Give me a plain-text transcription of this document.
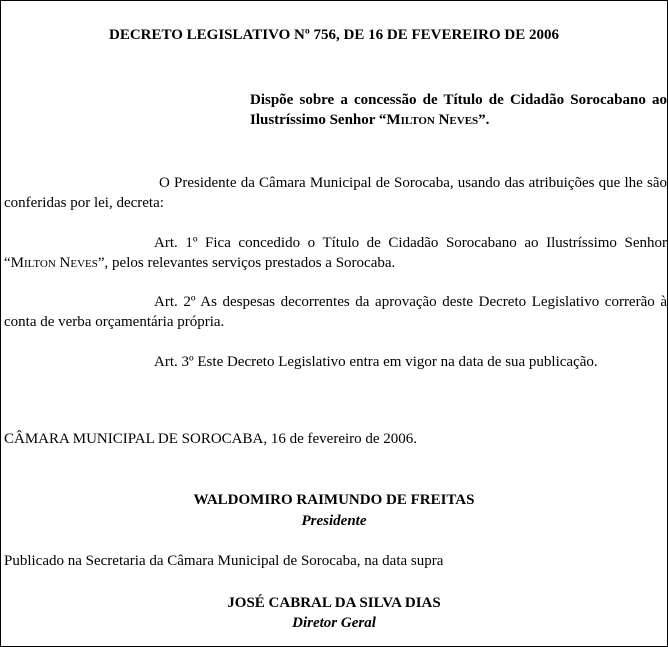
DECRETO LEGISLATIVO Nº 756, DE 16 DE FEVEREIRO DE 2006
Dispõe sobre a concessão de Título de Cidadão Sorocabano ao Ilustríssimo Senhor “Milton Neves”.
O Presidente da Câmara Municipal de Sorocaba, usando das atribuições que lhe são conferidas por lei, decreta:
Art. 1º Fica concedido o Título de Cidadão Sorocabano ao Ilustríssimo Senhor “Milton Neves”, pelos relevantes serviços prestados a Sorocaba.
Art. 2º As despesas decorrentes da aprovação deste Decreto Legislativo correrão à conta de verba orçamentária própria.
Art. 3º Este Decreto Legislativo entra em vigor na data de sua publicação.
CÂMARA MUNICIPAL DE SOROCABA, 16 de fevereiro de 2006.
WALDOMIRO RAIMUNDO DE FREITAS
Presidente
Publicado na Secretaria da Câmara Municipal de Sorocaba, na data supra
JOSÉ CABRAL DA SILVA DIAS
Diretor Geral
